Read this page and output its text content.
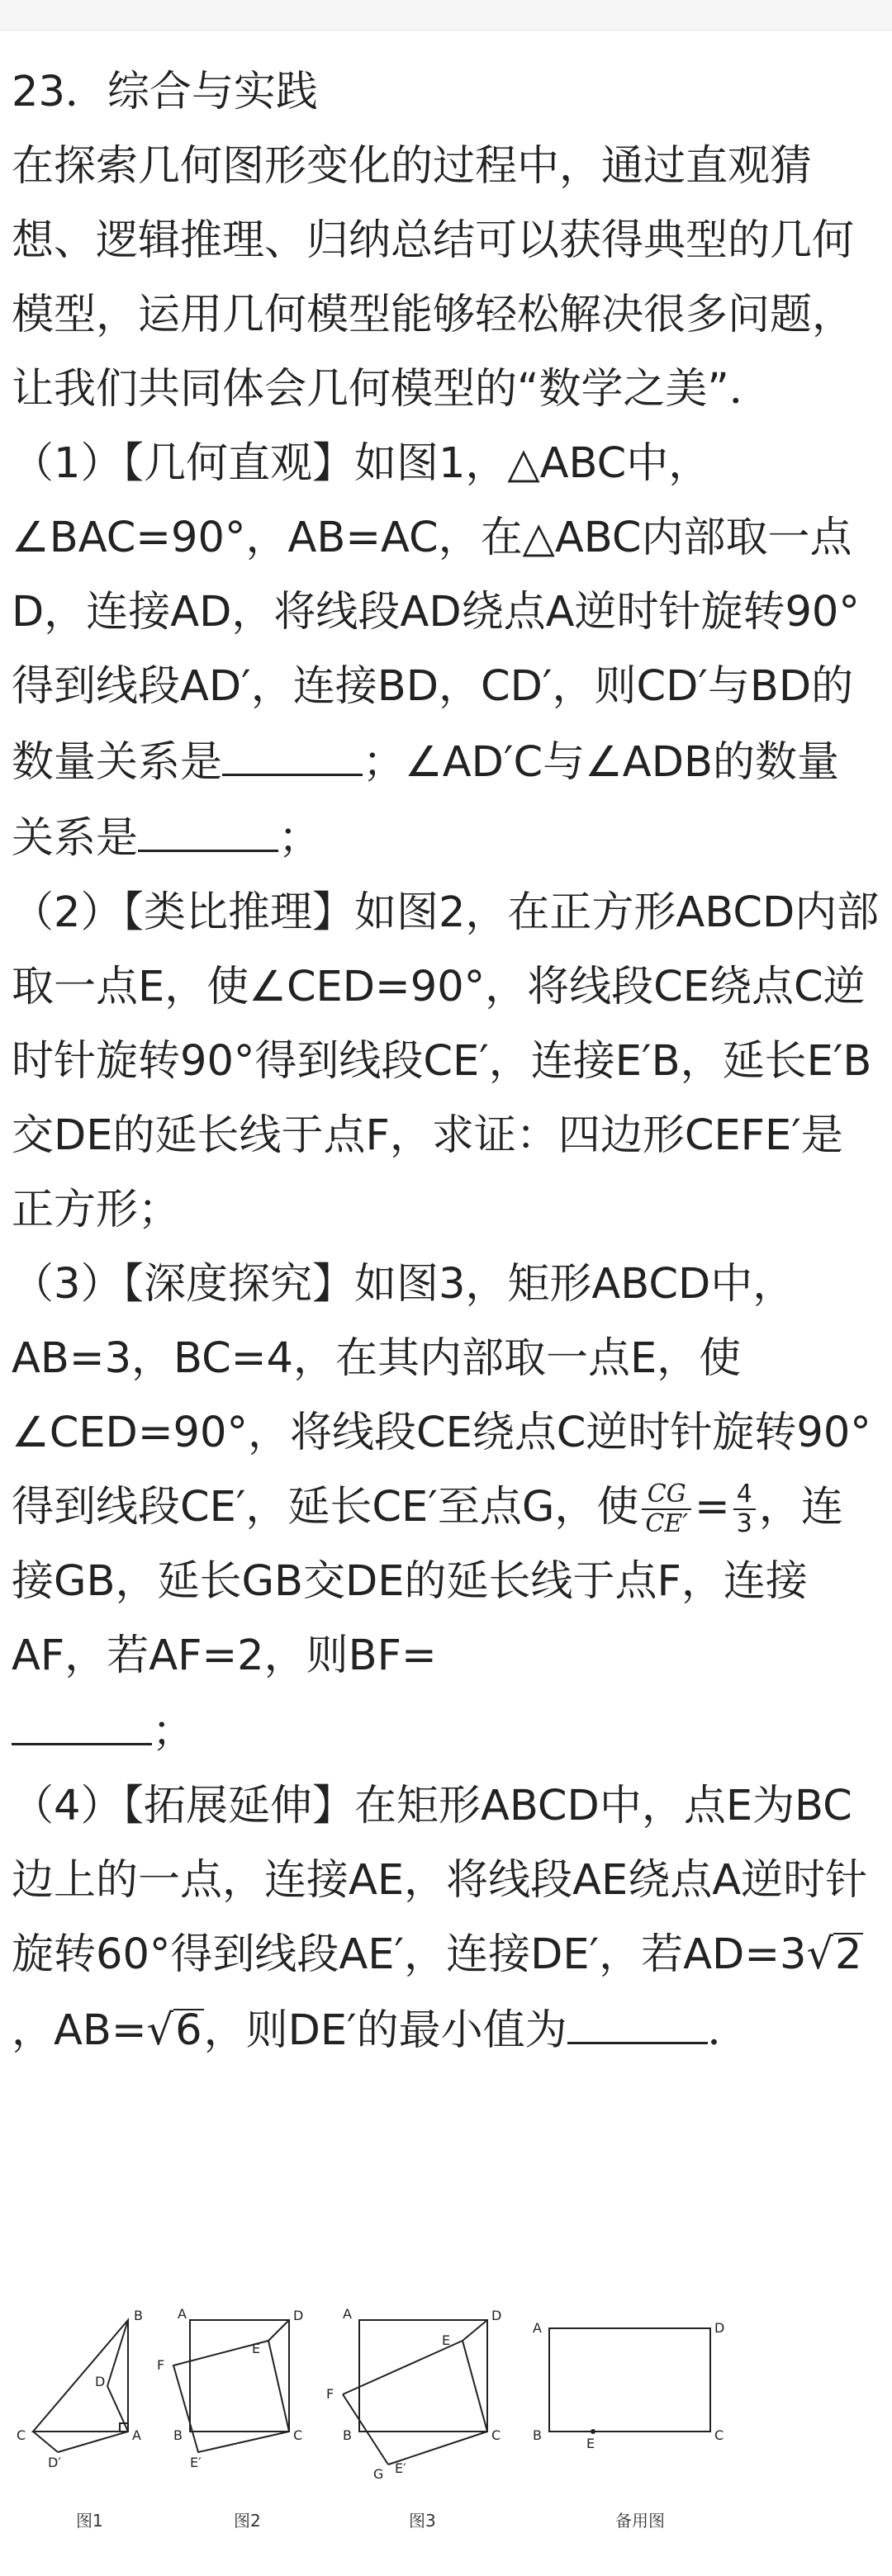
23．综合与实践

在探索几何图形变化的过程中，通过直观猜想、逻辑推理、归纳总结可以获得典型的几何模型，运用几何模型能够轻松解决很多问题，让我们共同体会几何模型的“数学之美”．

（1）【几何直观】如图1，△ABC中，∠BAC=90°，AB=AC，在△ABC内部取一点D，连接AD，将线段AD绕点A逆时针旋转90°得到线段AD′，连接BD，CD′，则CD′与BD的数量关系是	；∠AD′C与∠ADB的数量关系是	；

（2）【类比推理】如图2，在正方形ABCD内部取一点E，使∠CED=90°，将线段CE绕点C逆时针旋转90°得到线段CE′，连接E′B，延长E′B交DE的延长线于点F，求证：四边形CEFE′是正方形；

（3）【深度探究】如图3，矩形ABCD中，AB=3，BC=4，在其内部取一点E，使∠CED=90°，将线段CE绕点C逆时针旋转90°得到线段CE′，延长CE′至点G，使 $\frac{CG}{CE'} = \frac{4}{3}$ ，连接GB，延长GB交DE的延长线于点F，连接AF，若AF=2，则BF=
；

（4）【拓展延伸】在矩形ABCD中，点E为BC边上的一点，连接AE，将线段AE绕点A逆时针旋转60°得到线段AE′，连接DE′，若AD=3√2，AB=√6，则DE′的最小值为	．

B
D
C	A
D′
A	D
F
E
B	C
E′
A	D
F
E
B	C
G E′
A	D
B	C
E
图1	图2	图3	备用图
